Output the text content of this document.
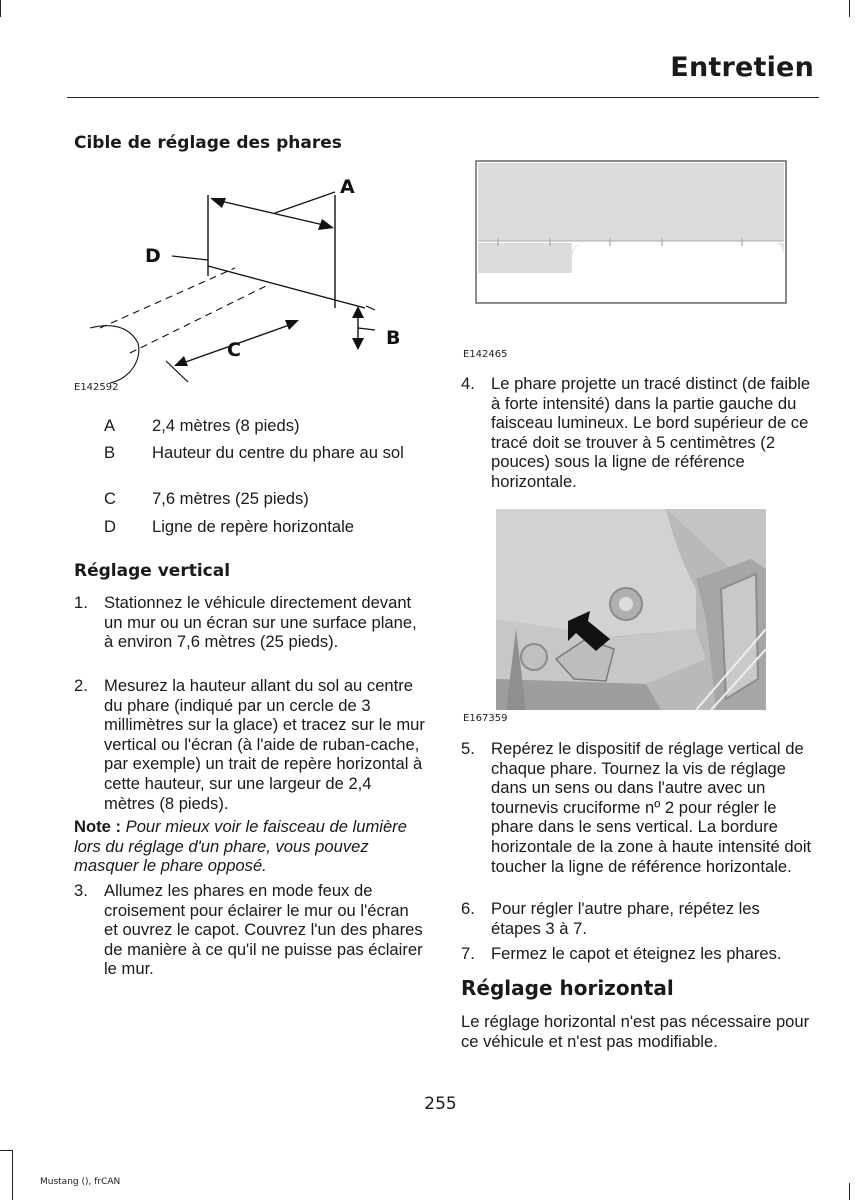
Entretien
Cible de réglage des phares
A
D
C
B
E142592
A 2,4 mètres (8 pieds)
B Hauteur du centre du phare au sol
C 7,6 mètres (25 pieds)
D Ligne de repère horizontale
Réglage vertical
1. Stationnez le véhicule directement devant un mur ou un écran sur une surface plane, à environ 7,6 mètres (25 pieds).
2. Mesurez la hauteur allant du sol au centre du phare (indiqué par un cercle de 3 millimètres sur la glace) et tracez sur le mur vertical ou l'écran (à l'aide de ruban-cache, par exemple) un trait de repère horizontal à cette hauteur, sur une largeur de 2,4 mètres (8 pieds).
Note : Pour mieux voir le faisceau de lumière lors du réglage d'un phare, vous pouvez masquer le phare opposé.
3. Allumez les phares en mode feux de croisement pour éclairer le mur ou l'écran et ouvrez le capot. Couvrez l'un des phares de manière à ce qu'il ne puisse pas éclairer le mur.
E142465
4. Le phare projette un tracé distinct (de faible à forte intensité) dans la partie gauche du faisceau lumineux. Le bord supérieur de ce tracé doit se trouver à 5 centimètres (2 pouces) sous la ligne de référence horizontale.
E167359
5. Repérez le dispositif de réglage vertical de chaque phare. Tournez la vis de réglage dans un sens ou dans l'autre avec un tournevis cruciforme nº 2 pour régler le phare dans le sens vertical. La bordure horizontale de la zone à haute intensité doit toucher la ligne de référence horizontale.
6. Pour régler l'autre phare, répétez les étapes 3 à 7.
7. Fermez le capot et éteignez les phares.
Réglage horizontal
Le réglage horizontal n'est pas nécessaire pour ce véhicule et n'est pas modifiable.
255
Mustang (), frCAN
